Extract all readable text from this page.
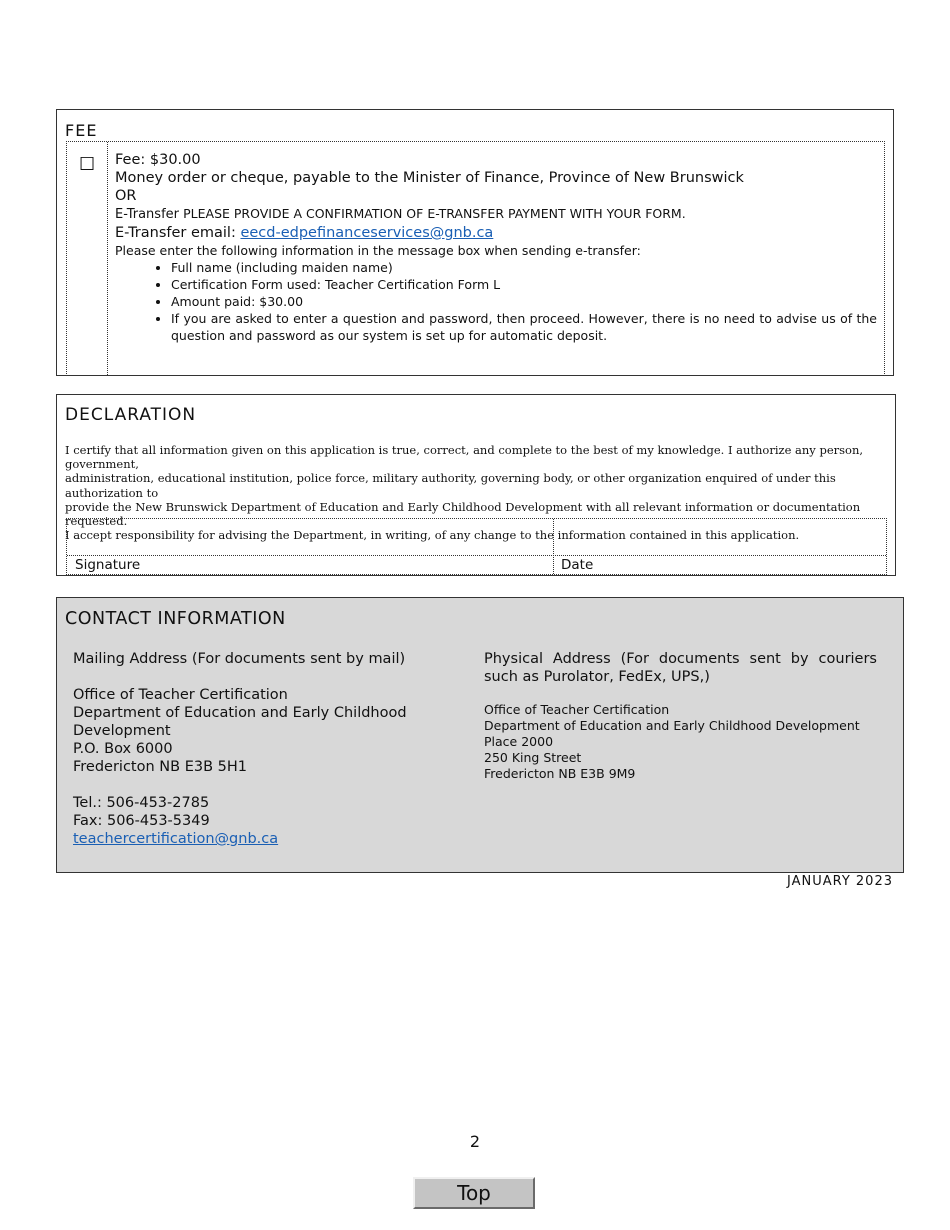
FEE
☐ Fee: $30.00
Money order or cheque, payable to the Minister of Finance, Province of New Brunswick
OR
E-Transfer PLEASE PROVIDE A CONFIRMATION OF E-TRANSFER PAYMENT WITH YOUR FORM.
E-Transfer email: eecd-edpefinanceservices@gnb.ca
Please enter the following information in the message box when sending e-transfer:
• Full name (including maiden name)
• Certification Form used: Teacher Certification Form L
• Amount paid: $30.00
• If you are asked to enter a question and password, then proceed. However, there is no need to advise us of the question and password as our system is set up for automatic deposit.
DECLARATION
I certify that all information given on this application is true, correct, and complete to the best of my knowledge. I authorize any person, government,
administration, educational institution, police force, military authority, governing body, or other organization enquired of under this authorization to
provide the New Brunswick Department of Education and Early Childhood Development with all relevant information or documentation requested.
I accept responsibility for advising the Department, in writing, of any change to the information contained in this application.
Signature	Date
CONTACT INFORMATION
Mailing Address (For documents sent by mail)
Office of Teacher Certification
Department of Education and Early Childhood
Development
P.O. Box 6000
Fredericton NB E3B 5H1
Tel.: 506-453-2785
Fax: 506-453-5349
teachercertification@gnb.ca
Physical Address (For documents sent by couriers such as Purolator, FedEx, UPS,)
Office of Teacher Certification
Department of Education and Early Childhood Development
Place 2000
250 King Street
Fredericton NB E3B 9M9
JANUARY 2023
2
Top
